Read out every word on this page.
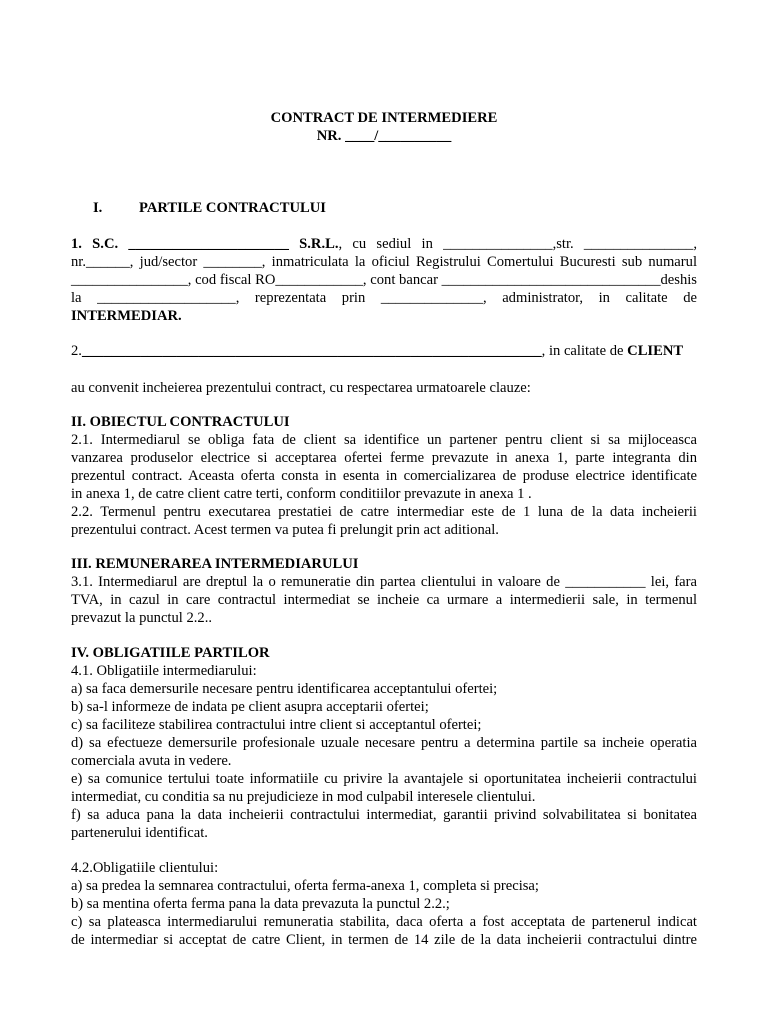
CONTRACT DE INTERMEDIERE
NR. ____/__________
I.	PARTILE CONTRACTULUI
1. S.C. ______________________ S.R.L., cu sediul in _______________,str. _______________,
nr.______, jud/sector ________, inmatriculata la oficiul Registrului Comertului Bucuresti sub numarul
________________, cod fiscal RO____________, cont bancar ______________________________deshis
la ___________________, reprezentata prin ______________, administrator, in calitate de
INTERMEDIAR.
2._______________________________________________________________, in calitate de CLIENT
au convenit incheierea prezentului contract, cu respectarea urmatoarele clauze:
II. OBIECTUL CONTRACTULUI
2.1. Intermediarul se obliga fata de client sa identifice un partener pentru client si sa mijloceasca
vanzarea produselor electrice si acceptarea ofertei ferme prevazute in anexa 1, parte integranta din
prezentul contract. Aceasta oferta consta in esenta in comercializarea de produse electrice identificate
in anexa 1, de catre client catre terti, conform conditiilor prevazute in anexa 1 .
2.2. Termenul pentru executarea prestatiei de catre intermediar este de 1 luna de la data incheierii
prezentului contract. Acest termen va putea fi prelungit prin act aditional.
III. REMUNERAREA INTERMEDIARULUI
3.1. Intermediarul are dreptul la o remuneratie din partea clientului in valoare de ___________ lei, fara
TVA, in cazul in care contractul intermediat se incheie ca urmare a intermedierii sale, in termenul
prevazut la punctul 2.2..
IV. OBLIGATIILE PARTILOR
4.1. Obligatiile intermediarului:
a) sa faca demersurile necesare pentru identificarea acceptantului ofertei;
b) sa-l informeze de indata pe client asupra acceptarii ofertei;
c) sa faciliteze stabilirea contractului intre client si acceptantul ofertei;
d) sa efectueze demersurile profesionale uzuale necesare pentru a determina partile sa incheie operatia
comerciala avuta in vedere.
e) sa comunice tertului toate informatiile cu privire la avantajele si oportunitatea incheierii contractului
intermediat, cu conditia sa nu prejudicieze in mod culpabil interesele clientului.
f) sa aduca pana la data incheierii contractului intermediat, garantii privind solvabilitatea si bonitatea
partenerului identificat.
4.2.Obligatiile clientului:
a) sa predea la semnarea contractului, oferta ferma-anexa 1, completa si precisa;
b) sa mentina oferta ferma pana la data prevazuta la punctul 2.2.;
c) sa plateasca intermediarului remuneratia stabilita, daca oferta a fost acceptata de partenerul indicat
de intermediar si acceptat de catre Client, in termen de 14 zile de la data incheierii contractului dintre
